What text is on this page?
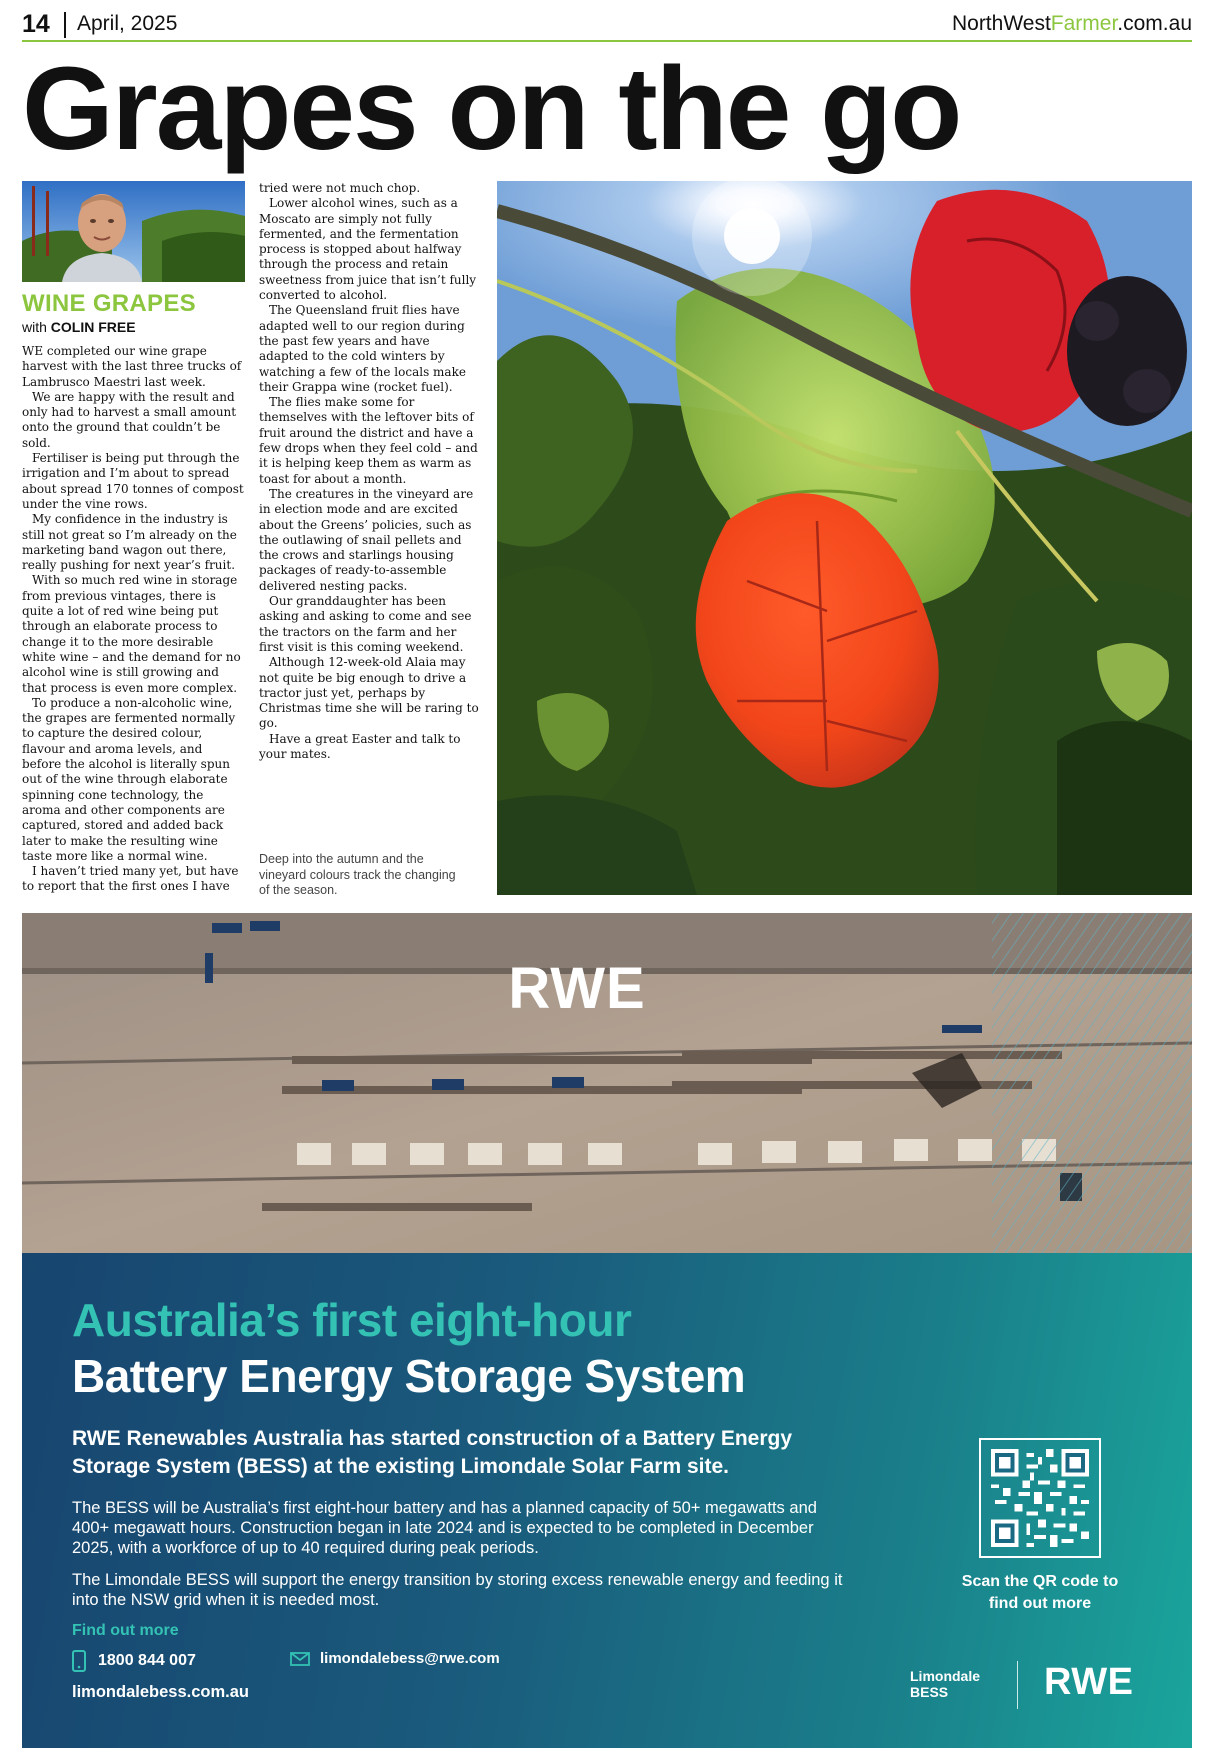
14 April, 2025	NorthWestFarmer.com.au
Grapes on the go
WINE GRAPES
with COLIN FREE

WE completed our wine grape harvest with the last three trucks of Lambrusco Maestri last week.

We are happy with the result and only had to harvest a small amount onto the ground that couldn’t be sold.

Fertiliser is being put through the irrigation and I’m about to spread about spread 170 tonnes of compost under the vine rows.

My confidence in the industry is still not great so I’m already on the marketing band wagon out there, really pushing for next year’s fruit.

With so much red wine in storage from previous vintages, there is quite a lot of red wine being put through an elaborate process to change it to the more desirable white wine – and the demand for no alcohol wine is still growing and that process is even more complex.

To produce a non-alcoholic wine, the grapes are fermented normally to capture the desired colour, flavour and aroma levels, and before the alcohol is literally spun out of the wine through elaborate spinning cone technology, the aroma and other components are captured, stored and added back later to make the resulting wine taste more like a normal wine.

I haven’t tried many yet, but have to report that the first ones I have

tried were not much chop.

Lower alcohol wines, such as a Moscato are simply not fully fermented, and the fermentation process is stopped about halfway through the process and retain sweetness from juice that isn’t fully converted to alcohol.

The Queensland fruit flies have adapted well to our region during the past few years and have adapted to the cold winters by watching a few of the locals make their Grappa wine (rocket fuel).

The flies make some for themselves with the leftover bits of fruit around the district and have a few drops when they feel cold – and it is helping keep them as warm as toast for about a month.

The creatures in the vineyard are in election mode and are excited about the Greens’ policies, such as the outlawing of snail pellets and the crows and starlings housing packages of ready-to-assemble delivered nesting packs.

Our granddaughter has been asking and asking to come and see the tractors on the farm and her first visit is this coming weekend.

Although 12-week-old Alaia may not quite be big enough to drive a tractor just yet, perhaps by Christmas time she will be raring to go.

Have a great Easter and talk to your mates.

Deep into the autumn and the vineyard colours track the changing of the season.
RWE
Australia’s first eight-hour
Battery Energy Storage System
RWE Renewables Australia has started construction of a Battery Energy Storage System (BESS) at the existing Limondale Solar Farm site.
The BESS will be Australia’s first eight-hour battery and has a planned capacity of 50+ megawatts and 400+ megawatt hours. Construction began in late 2024 and is expected to be completed in December 2025, with a workforce of up to 40 required during peak periods.
The Limondale BESS will support the energy transition by storing excess renewable energy and feeding it into the NSW grid when it is needed most.
Find out more
1800 844 007	limondalebess@rwe.com
limondalebess.com.au
Scan the QR code to find out more
Limondale
BESS	RWE
